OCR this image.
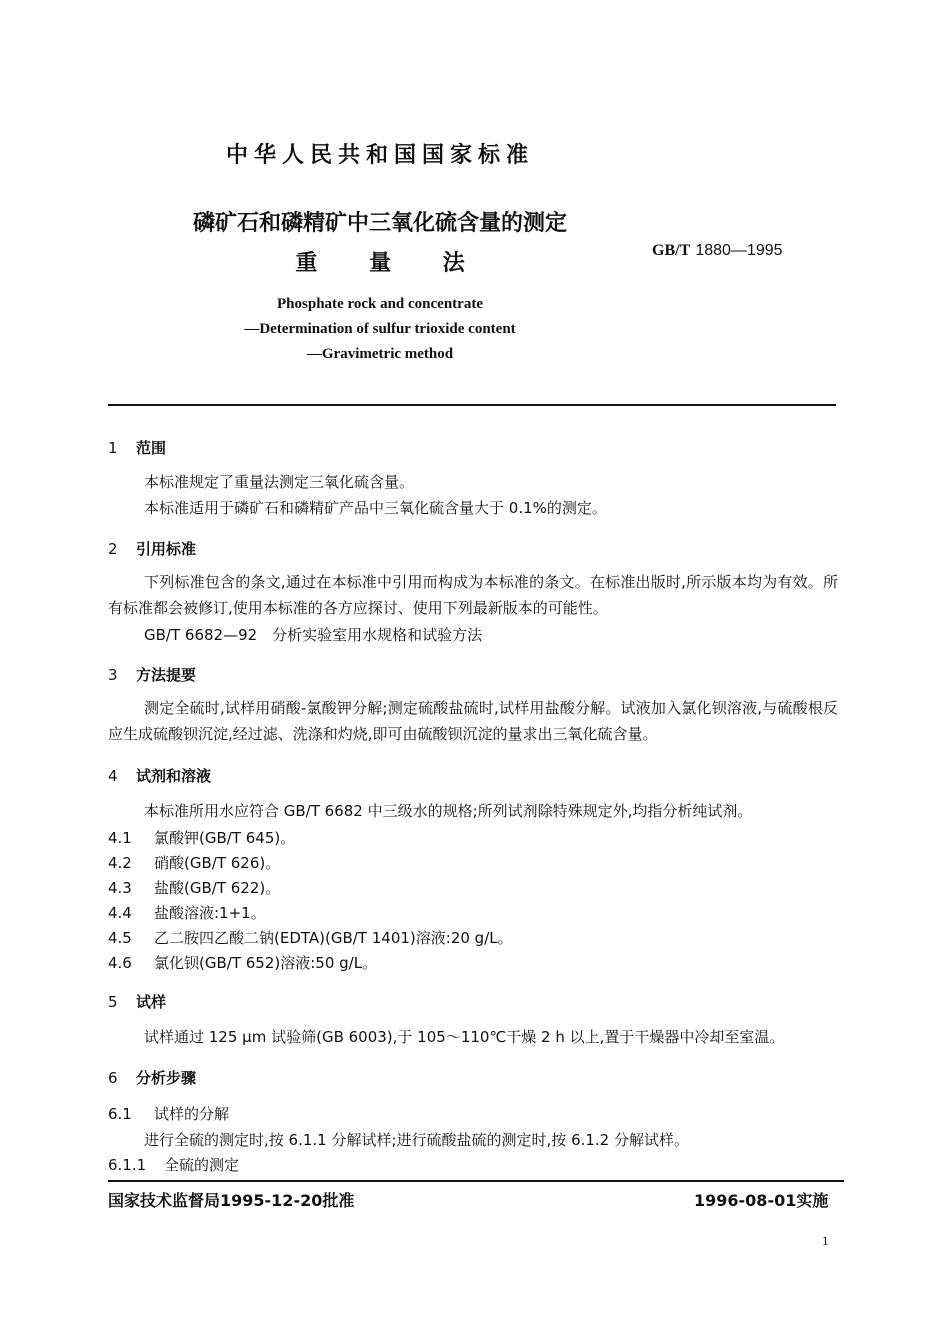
中华人民共和国国家标准
磷矿石和磷精矿中三氧化硫含量的测定
重 量 法
GB/T 1880—1995
Phosphate rock and concentrate
—Determination of sulfur trioxide content
—Gravimetric method
1 范围
本标准规定了重量法测定三氧化硫含量。
本标准适用于磷矿石和磷精矿产品中三氧化硫含量大于 0.1%的测定。
2 引用标准
下列标准包含的条文,通过在本标准中引用而构成为本标准的条文。在标准出版时,所示版本均为有效。所有标准都会被修订,使用本标准的各方应探讨、使用下列最新版本的可能性。
GB/T 6682—92　分析实验室用水规格和试验方法
3 方法提要
测定全硫时,试样用硝酸-氯酸钾分解;测定硫酸盐硫时,试样用盐酸分解。试液加入氯化钡溶液,与硫酸根反应生成硫酸钡沉淀,经过滤、洗涤和灼烧,即可由硫酸钡沉淀的量求出三氧化硫含量。
4 试剂和溶液
本标准所用水应符合 GB/T 6682 中三级水的规格;所列试剂除特殊规定外,均指分析纯试剂。
4.1 氯酸钾(GB/T 645)。
4.2 硝酸(GB/T 626)。
4.3 盐酸(GB/T 622)。
4.4 盐酸溶液:1+1。
4.5 乙二胺四乙酸二钠(EDTA)(GB/T 1401)溶液:20 g/L。
4.6 氯化钡(GB/T 652)溶液:50 g/L。
5 试样
试样通过 125 μm 试验筛(GB 6003),于 105～110℃干燥 2 h 以上,置于干燥器中冷却至室温。
6 分析步骤
6.1 试样的分解
进行全硫的测定时,按 6.1.1 分解试样;进行硫酸盐硫的测定时,按 6.1.2 分解试样。
6.1.1 全硫的测定
国家技术监督局1995-12-20批准	1996-08-01实施
1
